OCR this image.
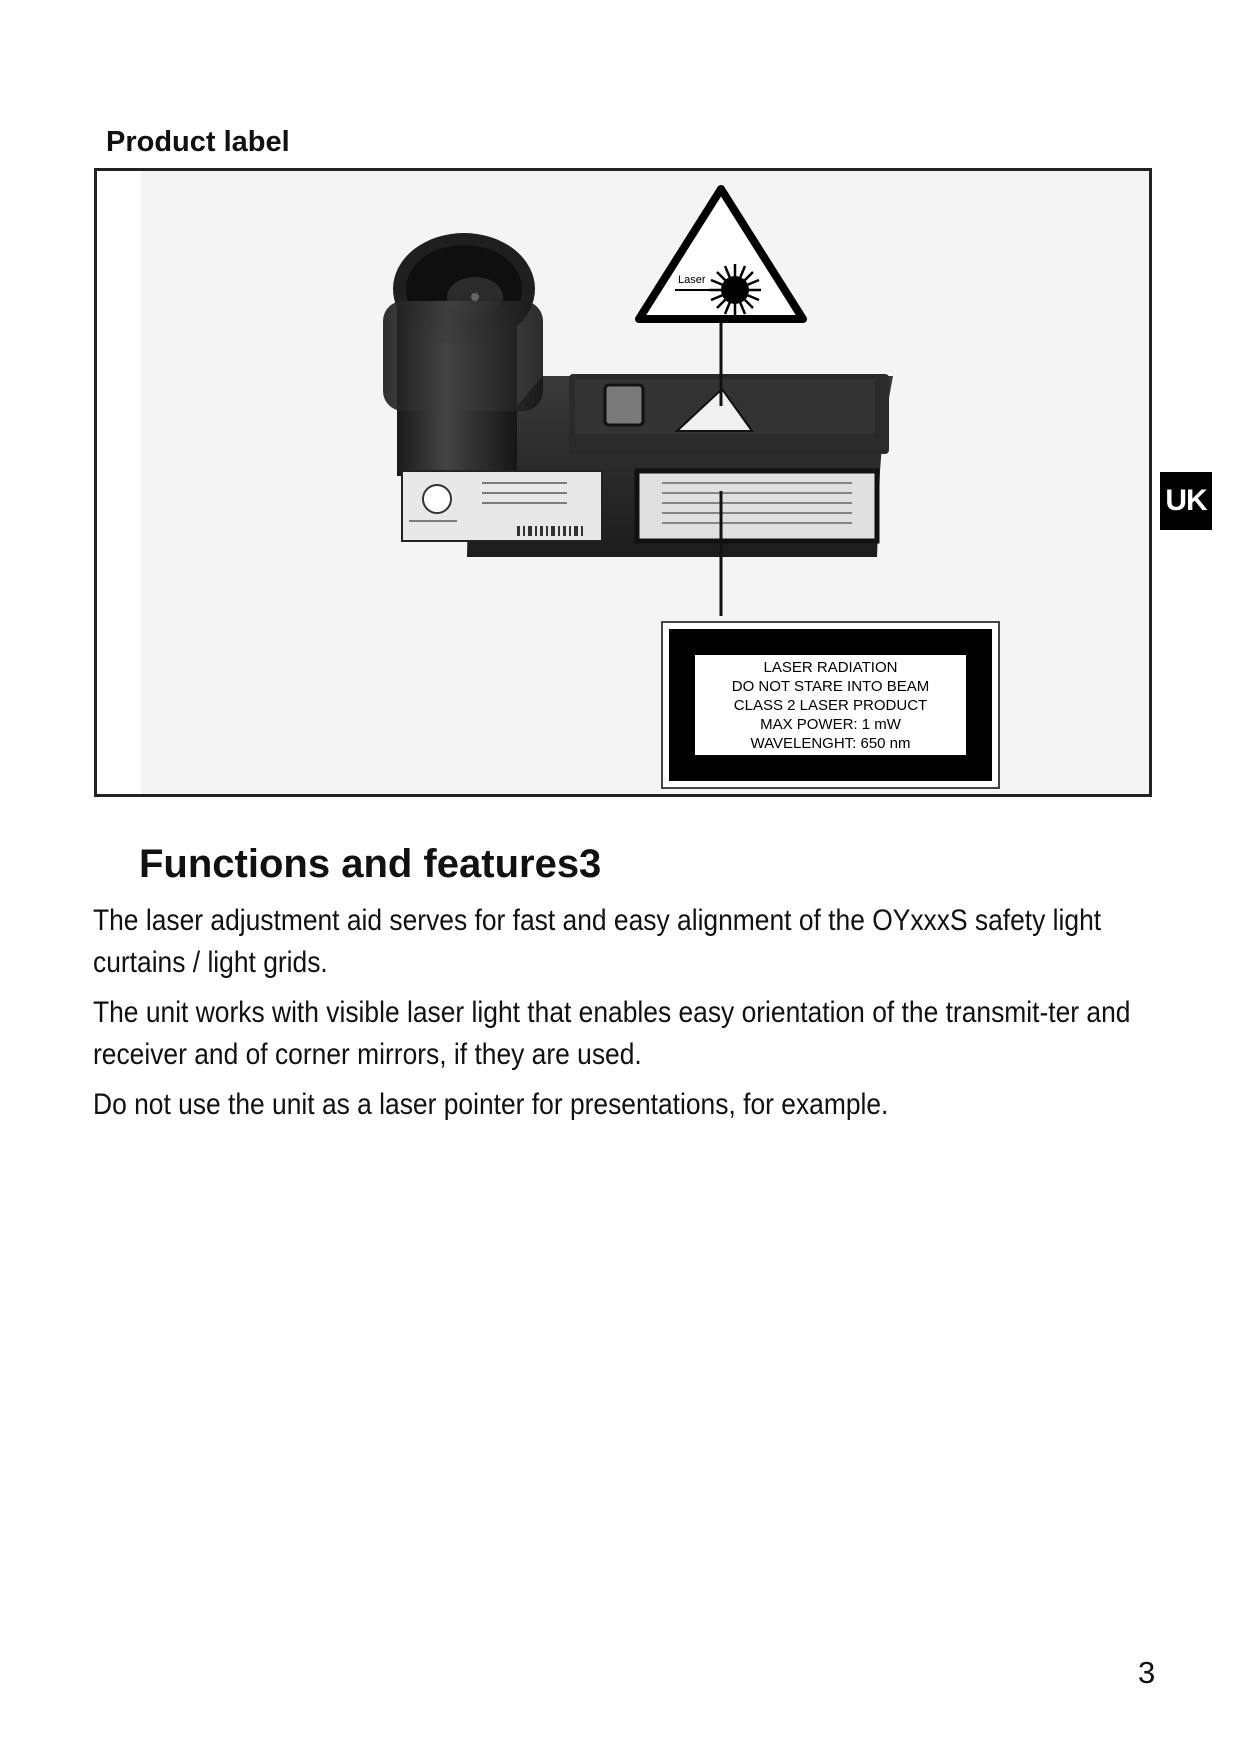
Product label
Laser
LASER RADIATION
DO NOT STARE INTO BEAM
CLASS 2 LASER PRODUCT
MAX POWER: 1 mW
WAVELENGHT: 650 nm
UK
Functions and features3

The laser adjustment aid serves for fast and easy alignment of the OYxxxS safety light curtains / light grids.

The unit works with visible laser light that enables easy orientation of the transmit-ter and receiver and of corner mirrors, if they are used.

Do not use the unit as a laser pointer for presentations, for example.

3
